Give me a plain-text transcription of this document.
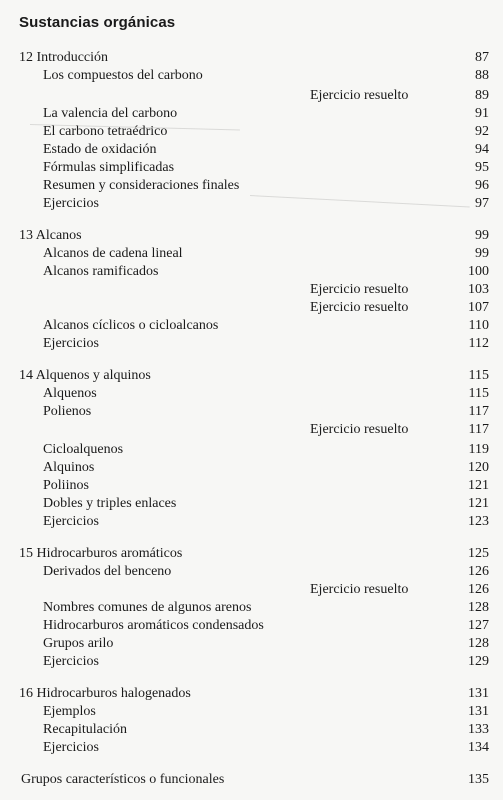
Sustancias orgánicas
12 Introducción	87
Los compuestos del carbono	88
Ejercicio resuelto	89
La valencia del carbono	91
El carbono tetraédrico	92
Estado de oxidación	94
Fórmulas simplificadas	95
Resumen y consideraciones finales	96
Ejercicios	97
13 Alcanos	99
Alcanos de cadena lineal	99
Alcanos ramificados	100
Ejercicio resuelto	103
Ejercicio resuelto	107
Alcanos cíclicos o cicloalcanos	110
Ejercicios	112
14 Alquenos y alquinos	115
Alquenos	115
Polienos	117
Ejercicio resuelto	117
Cicloalquenos	119
Alquinos	120
Poliinos	121
Dobles y triples enlaces	121
Ejercicios	123
15 Hidrocarburos aromáticos	125
Derivados del benceno	126
Ejercicio resuelto	126
Nombres comunes de algunos arenos	128
Hidrocarburos aromáticos condensados	127
Grupos arilo	128
Ejercicios	129
16 Hidrocarburos halogenados	131
Ejemplos	131
Recapitulación	133
Ejercicios	134
Grupos característicos o funcionales	135
